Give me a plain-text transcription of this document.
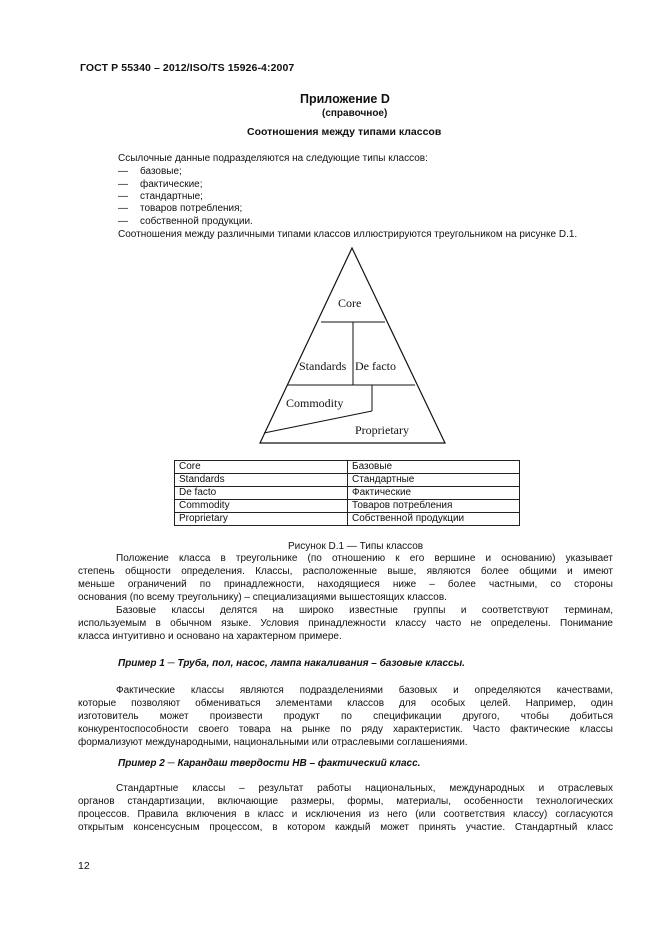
ГОСТ Р 55340 – 2012/ISO/TS 15926-4:2007
Приложение D
(справочное)
Соотношения между типами классов
Ссылочные данные подразделяются на следующие типы классов:
— базовые;
— фактические;
— стандартные;
— товаров потребления;
— собственной продукции.
Соотношения между различными типами классов иллюстрируются треугольником на рисунке D.1.
Core
Standards De facto
Commodity
Proprietary
Core	Базовые
Standards	Стандартные
De facto	Фактические
Commodity	Товаров потребления
Proprietary	Собственной продукции
Рисунок D.1 — Типы классов
Положение класса в треугольнике (по отношению к его вершине и основанию) указывает
степень общности определения. Классы, расположенные выше, являются более общими и имеют
меньше ограничений по принадлежности, находящиеся ниже – более частными, со стороны
основания (по всему треугольнику) – специализациями вышестоящих классов.
Базовые классы делятся на широко известные группы и соответствуют терминам,
используемым в обычном языке. Условия принадлежности классу часто не определены. Понимание
класса интуитивно и основано на характерном примере.
Пример 1 ─ Труба, пол, насос, лампа накаливания – базовые классы.
Фактические классы являются подразделениями базовых и определяются качествами,
которые позволяют обмениваться элементами классов для особых целей. Например, один
изготовитель может произвести продукт по спецификации другого, чтобы добиться
конкурентоспособности своего товара на рынке по ряду характеристик. Часто фактические классы
формализуют международными, национальными или отраслевыми соглашениями.
Пример 2 ─ Карандаш твердости НВ – фактический класс.
Стандартные классы – результат работы национальных, международных и отраслевых
органов стандартизации, включающие размеры, формы, материалы, особенности технологических
процессов. Правила включения в класс и исключения из него (или соответствия классу) согласуются
открытым консенсусным процессом, в котором каждый может принять участие. Стандартный класс
12
